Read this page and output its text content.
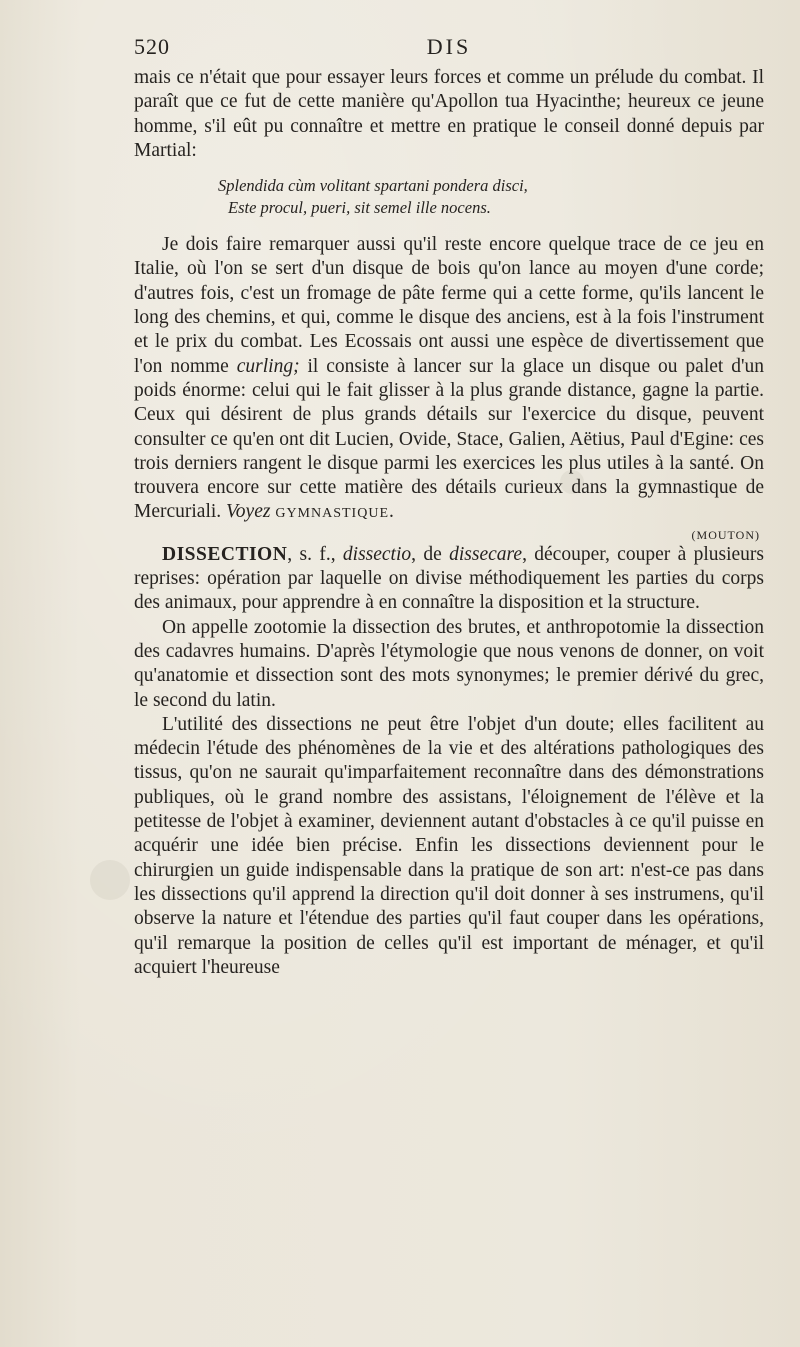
520	DIS

mais ce n'était que pour essayer leurs forces et comme un prélude du combat. Il paraît que ce fut de cette manière qu'Apollon tua Hyacinthe; heureux ce jeune homme, s'il eût pu connaître et mettre en pratique le conseil donné depuis par Martial:

Splendida cùm volitant spartani pondera disci,
Este procul, pueri, sit semel ille nocens.

Je dois faire remarquer aussi qu'il reste encore quelque trace de ce jeu en Italie, où l'on se sert d'un disque de bois qu'on lance au moyen d'une corde; d'autres fois, c'est un fromage de pâte ferme qui a cette forme, qu'ils lancent le long des chemins, et qui, comme le disque des anciens, est à la fois l'instrument et le prix du combat. Les Ecossais ont aussi une espèce de divertissement que l'on nomme curling; il consiste à lancer sur la glace un disque ou palet d'un poids énorme: celui qui le fait glisser à la plus grande distance, gagne la partie. Ceux qui désirent de plus grands détails sur l'exercice du disque, peuvent consulter ce qu'en ont dit Lucien, Ovide, Stace, Galien, Aëtius, Paul d'Egine: ces trois derniers rangent le disque parmi les exercices les plus utiles à la santé. On trouvera encore sur cette matière des détails curieux dans la gymnastique de Mercuriali. Voyez gymnastique.

(MOUTON)

DISSECTION, s. f., dissectio, de dissecare, découper, couper à plusieurs reprises: opération par laquelle on divise méthodiquement les parties du corps des animaux, pour apprendre à en connaître la disposition et la structure.

On appelle zootomie la dissection des brutes, et anthropotomie la dissection des cadavres humains. D'après l'étymologie que nous venons de donner, on voit qu'anatomie et dissection sont des mots synonymes; le premier dérivé du grec, le second du latin.

L'utilité des dissections ne peut être l'objet d'un doute; elles facilitent au médecin l'étude des phénomènes de la vie et des altérations pathologiques des tissus, qu'on ne saurait qu'imparfaitement reconnaître dans des démonstrations publiques, où le grand nombre des assistans, l'éloignement de l'élève et la petitesse de l'objet à examiner, deviennent autant d'obstacles à ce qu'il puisse en acquérir une idée bien précise. Enfin les dissections deviennent pour le chirurgien un guide indispensable dans la pratique de son art: n'est-ce pas dans les dissections qu'il apprend la direction qu'il doit donner à ses instrumens, qu'il observe la nature et l'étendue des parties qu'il faut couper dans les opérations, qu'il remarque la position de celles qu'il est important de ménager, et qu'il acquiert l'heureuse
